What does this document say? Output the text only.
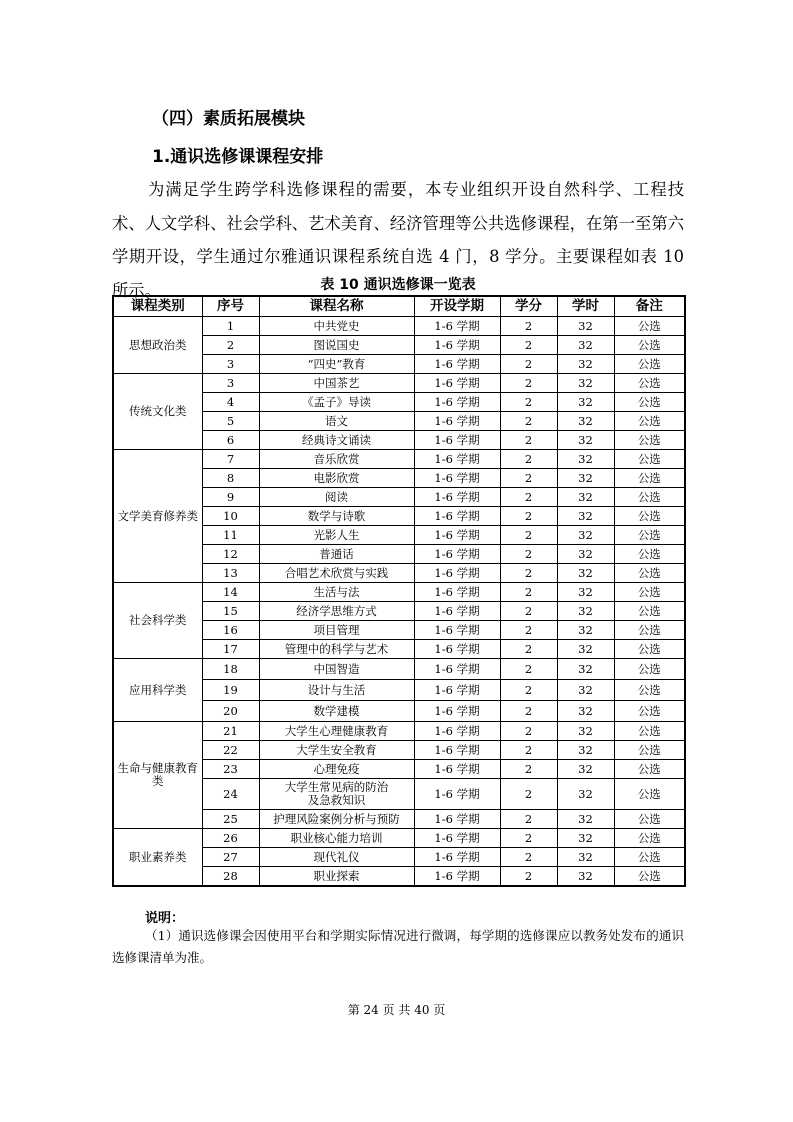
（四）素质拓展模块
1.通识选修课课程安排
为满足学生跨学科选修课程的需要，本专业组织开设自然科学、工程技术、人文学科、社会学科、艺术美育、经济管理等公共选修课程，在第一至第六学期开设，学生通过尔雅通识课程系统自选 4 门，8 学分。主要课程如表 10 所示。	表 10 通识选修课一览表
课程类别	序号	课程名称	开设学期	学分	学时	备注
思想政治类	1	中共党史	1-6 学期	2	32	公选
	2	图说国史	1-6 学期	2	32	公选
	3	“四史”教育	1-6 学期	2	32	公选
传统文化类	3	中国茶艺	1-6 学期	2	32	公选
	4	《孟子》导读	1-6 学期	2	32	公选
	5	语文	1-6 学期	2	32	公选
	6	经典诗文诵读	1-6 学期	2	32	公选
文学美育修养类	7	音乐欣赏	1-6 学期	2	32	公选
	8	电影欣赏	1-6 学期	2	32	公选
	9	阅读	1-6 学期	2	32	公选
	10	数学与诗歌	1-6 学期	2	32	公选
	11	光影人生	1-6 学期	2	32	公选
	12	普通话	1-6 学期	2	32	公选
	13	合唱艺术欣赏与实践	1-6 学期	2	32	公选
社会科学类	14	生活与法	1-6 学期	2	32	公选
	15	经济学思维方式	1-6 学期	2	32	公选
	16	项目管理	1-6 学期	2	32	公选
	17	管理中的科学与艺术	1-6 学期	2	32	公选
应用科学类	18	中国智造	1-6 学期	2	32	公选
	19	设计与生活	1-6 学期	2	32	公选
	20	数学建模	1-6 学期	2	32	公选
生命与健康教育类	21	大学生心理健康教育	1-6 学期	2	32	公选
	22	大学生安全教育	1-6 学期	2	32	公选
	23	心理免疫	1-6 学期	2	32	公选
	24	大学生常见病的防治及急救知识	1-6 学期	2	32	公选
	25	护理风险案例分析与预防	1-6 学期	2	32	公选
职业素养类	26	职业核心能力培训	1-6 学期	2	32	公选
	27	现代礼仪	1-6 学期	2	32	公选
	28	职业探索	1-6 学期	2	32	公选
说明：
（1）通识选修课会因使用平台和学期实际情况进行微调，每学期的选修课应以教务处发布的通识选修课清单为准。
第 24 页 共 40 页
